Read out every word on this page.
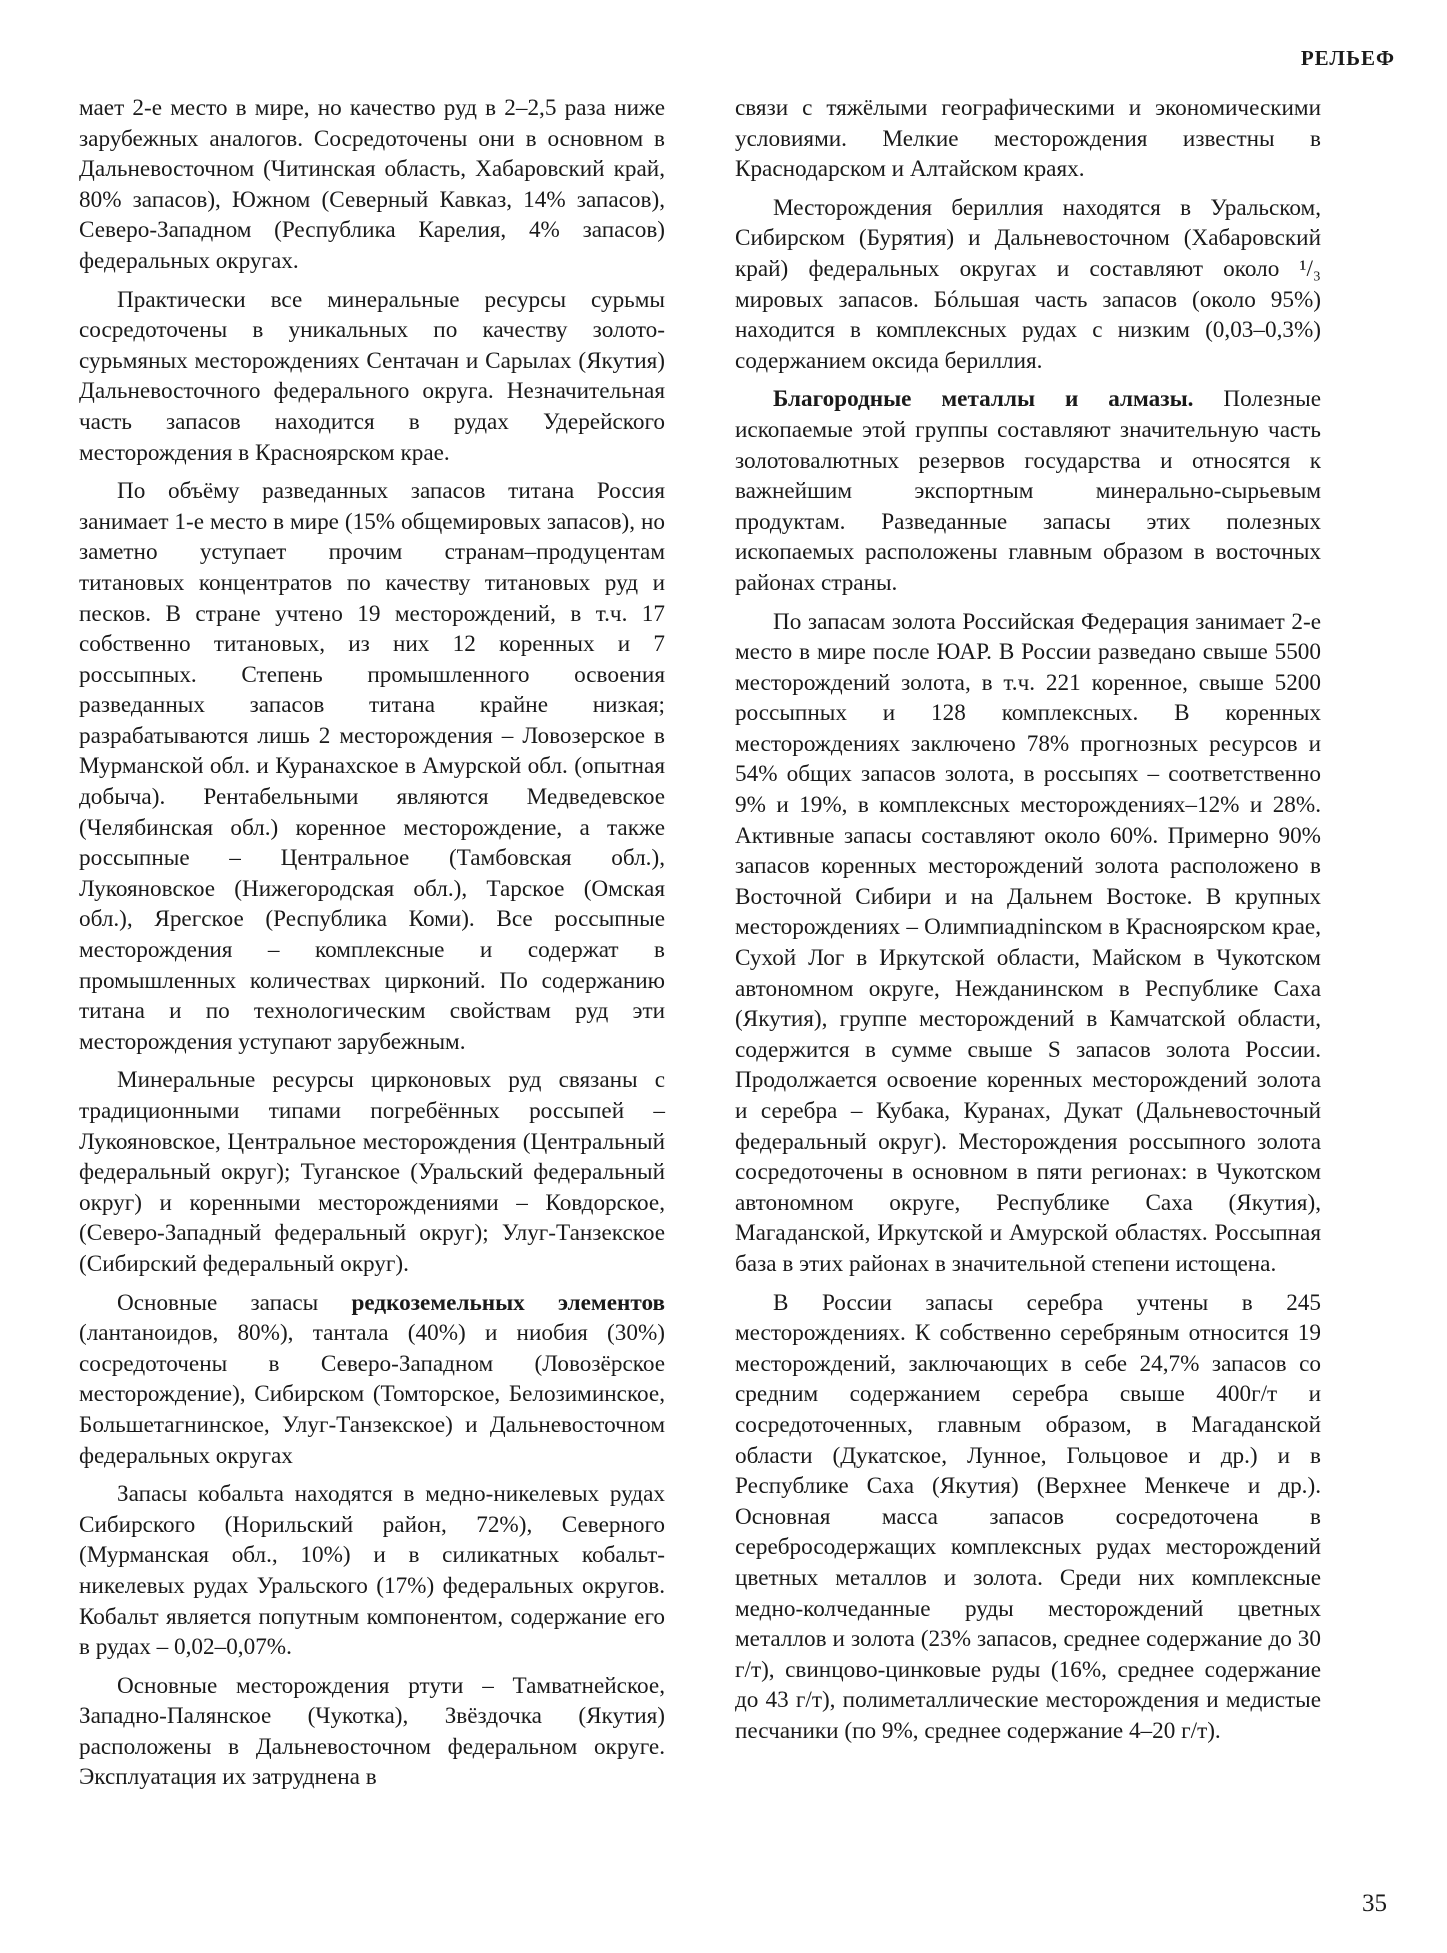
РЕЛЬЕФ

мает 2-е место в мире, но качество руд в 2–2,5 раза ниже зарубежных аналогов. Сосредоточены они в основном в Дальневосточном (Читинская область, Хабаровский край, 80% запасов), Южном (Северный Кавказ, 14% запасов), Северо-Западном (Республика Карелия, 4% запасов) федеральных округах.

Практически все минеральные ресурсы сурьмы сосредоточены в уникальных по качеству золото-сурьмяных месторождениях Сентачан и Сарылах (Якутия) Дальневосточного федерального округа. Незначительная часть запасов находится в рудах Удерейского месторождения в Красноярском крае.

По объёму разведанных запасов титана Россия занимает 1-е место в мире (15% общемировых запасов), но заметно уступает прочим странам–продуцентам титановых концентратов по качеству титановых руд и песков. В стране учтено 19 месторождений, в т.ч. 17 собственно титановых, из них 12 коренных и 7 россыпных. Степень промышленного освоения разведанных запасов титана крайне низкая; разрабатываются лишь 2 месторождения – Ловозерское в Мурманской обл. и Куранахское в Амурской обл. (опытная добыча). Рентабельными являются Медведевское (Челябинская обл.) коренное месторождение, а также россыпные – Центральное (Тамбовская обл.), Лукояновское (Нижегородская обл.), Тарское (Омская обл.), Ярегское (Республика Коми). Все россыпные месторождения – комплексные и содержат в промышленных количествах цирконий. По содержанию титана и по технологическим свойствам руд эти месторождения уступают зарубежным.

Минеральные ресурсы цирконовых руд связаны с традиционными типами погребённых россыпей – Лукояновское, Центральное месторождения (Центральный федеральный округ); Туганское (Уральский федеральный округ) и коренными месторождениями – Ковдорское, (Северо-Западный федеральный округ); Улуг-Танзекское (Сибирский федеральный округ).

Основные запасы редкоземельных элементов (лантаноидов, 80%), тантала (40%) и ниобия (30%) сосредоточены в Северо-Западном (Ловозёрское месторождение), Сибирском (Томторское, Белозиминское, Большетагнинское, Улуг-Танзекское) и Дальневосточном федеральных округах

Запасы кобальта находятся в медно-никелевых рудах Сибирского (Норильский район, 72%), Северного (Мурманская обл., 10%) и в силикатных кобальт-никелевых рудах Уральского (17%) федеральных округов. Кобальт является попутным компонентом, содержание его в рудах – 0,02–0,07%.

Основные месторождения ртути – Тамватнейское, Западно-Палянское (Чукотка), Звёздочка (Якутия) расположены в Дальневосточном федеральном округе. Эксплуатация их затруднена в

связи с тяжёлыми географическими и экономическими условиями. Мелкие месторождения известны в Краснодарском и Алтайском краях.

Месторождения бериллия находятся в Уральском, Сибирском (Бурятия) и Дальневосточном (Хабаровский край) федеральных округах и составляют около ¹/₃ мировых запасов. Бóльшая часть запасов (около 95%) находится в комплексных рудах с низким (0,03–0,3%) содержанием оксида бериллия.

Благородные металлы и алмазы. Полезные ископаемые этой группы составляют значительную часть золотовалютных резервов государства и относятся к важнейшим экспортным минерально-сырьевым продуктам. Разведанные запасы этих полезных ископаемых расположены главным образом в восточных районах страны.

По запасам золота Российская Федерация занимает 2-е место в мире после ЮАР. В России разведано свыше 5500 месторождений золота, в т.ч. 221 коренное, свыше 5200 россыпных и 128 комплексных. В коренных месторождениях заключено 78% прогнозных ресурсов и 54% общих запасов золота, в россыпях – соответственно 9% и 19%, в комплексных месторождениях–12% и 28%. Активные запасы составляют около 60%. Примерно 90% запасов коренных месторождений золота расположено в Восточной Сибири и на Дальнем Востоке. В крупных месторождениях – Олимпиадninском в Красноярском крае, Сухой Лог в Иркутской области, Майском в Чукотском автономном округе, Нежданинском в Республике Саха (Якутия), группе месторождений в Камчатской области, содержится в сумме свыше S запасов золота России. Продолжается освоение коренных месторождений золота и серебра – Кубака, Куранах, Дукат (Дальневосточный федеральный округ). Месторождения россыпного золота сосредоточены в основном в пяти регионах: в Чукотском автономном округе, Республике Саха (Якутия), Магаданской, Иркутской и Амурской областях. Россыпная база в этих районах в значительной степени истощена.

В России запасы серебра учтены в 245 месторождениях. К собственно серебряным относится 19 месторождений, заключающих в себе 24,7% запасов со средним содержанием серебра свыше 400г/т и сосредоточенных, главным образом, в Магаданской области (Дукатское, Лунное, Гольцовое и др.) и в Республике Саха (Якутия) (Верхнее Менкече и др.). Основная масса запасов сосредоточена в серебросодержащих комплексных рудах месторождений цветных металлов и золота. Среди них комплексные медно-колчеданные руды месторождений цветных металлов и золота (23% запасов, среднее содержание до 30 г/т), свинцово-цинковые руды (16%, среднее содержание до 43 г/т), полиметаллические месторождения и медистые песчаники (по 9%, среднее содержание 4–20 г/т).

35
